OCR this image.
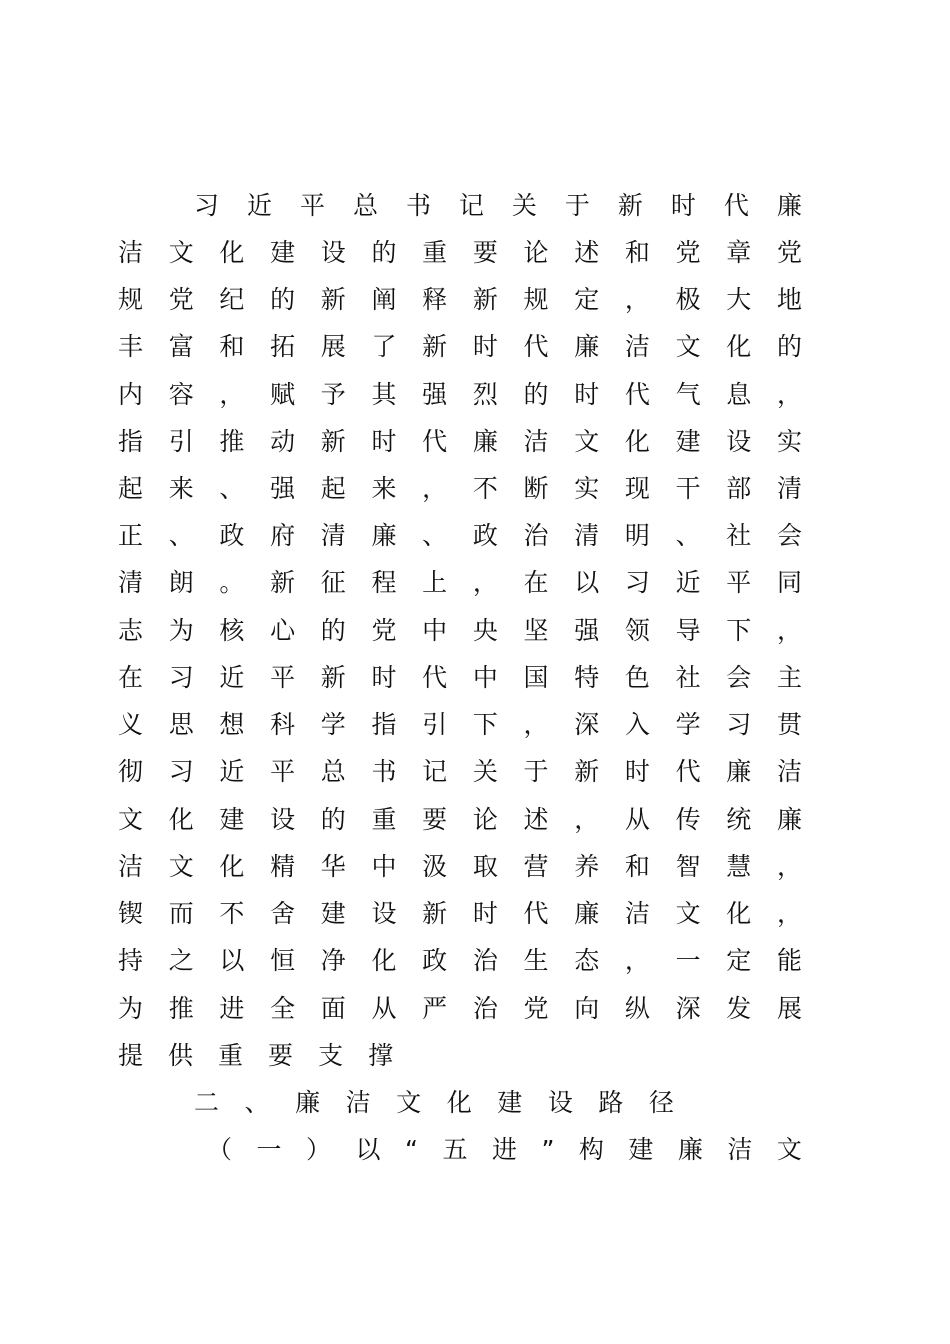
习 近 平 总 书 记 关 于 新 时 代 廉
洁 文 化 建 设 的 重 要 论 述 和 党 章 党
规 党 纪 的 新 阐 释 新 规 定 ， 极 大 地
丰 富 和 拓 展 了 新 时 代 廉 洁 文 化 的
内 容 ， 赋 予 其 强 烈 的 时 代 气 息 ，
指 引 推 动 新 时 代 廉 洁 文 化 建 设 实
起 来 、 强 起 来 ， 不 断 实 现 干 部 清
正 、 政 府 清 廉 、 政 治 清 明 、 社 会
清 朗 。 新 征 程 上 ， 在 以 习 近 平 同
志 为 核 心 的 党 中 央 坚 强 领 导 下 ，
在 习 近 平 新 时 代 中 国 特 色 社 会 主
义 思 想 科 学 指 引 下 ， 深 入 学 习 贯
彻 习 近 平 总 书 记 关 于 新 时 代 廉 洁
文 化 建 设 的 重 要 论 述 ， 从 传 统 廉
洁 文 化 精 华 中 汲 取 营 养 和 智 慧 ，
锲 而 不 舍 建 设 新 时 代 廉 洁 文 化 ，
持 之 以 恒 净 化 政 治 生 态 ， 一 定 能
为 推 进 全 面 从 严 治 党 向 纵 深 发 展
提 供 重 要 支 撑
二 、 廉 洁 文 化 建 设 路 径
（ 一 ） 以 “ 五 进 ” 构 建 廉 洁 文
